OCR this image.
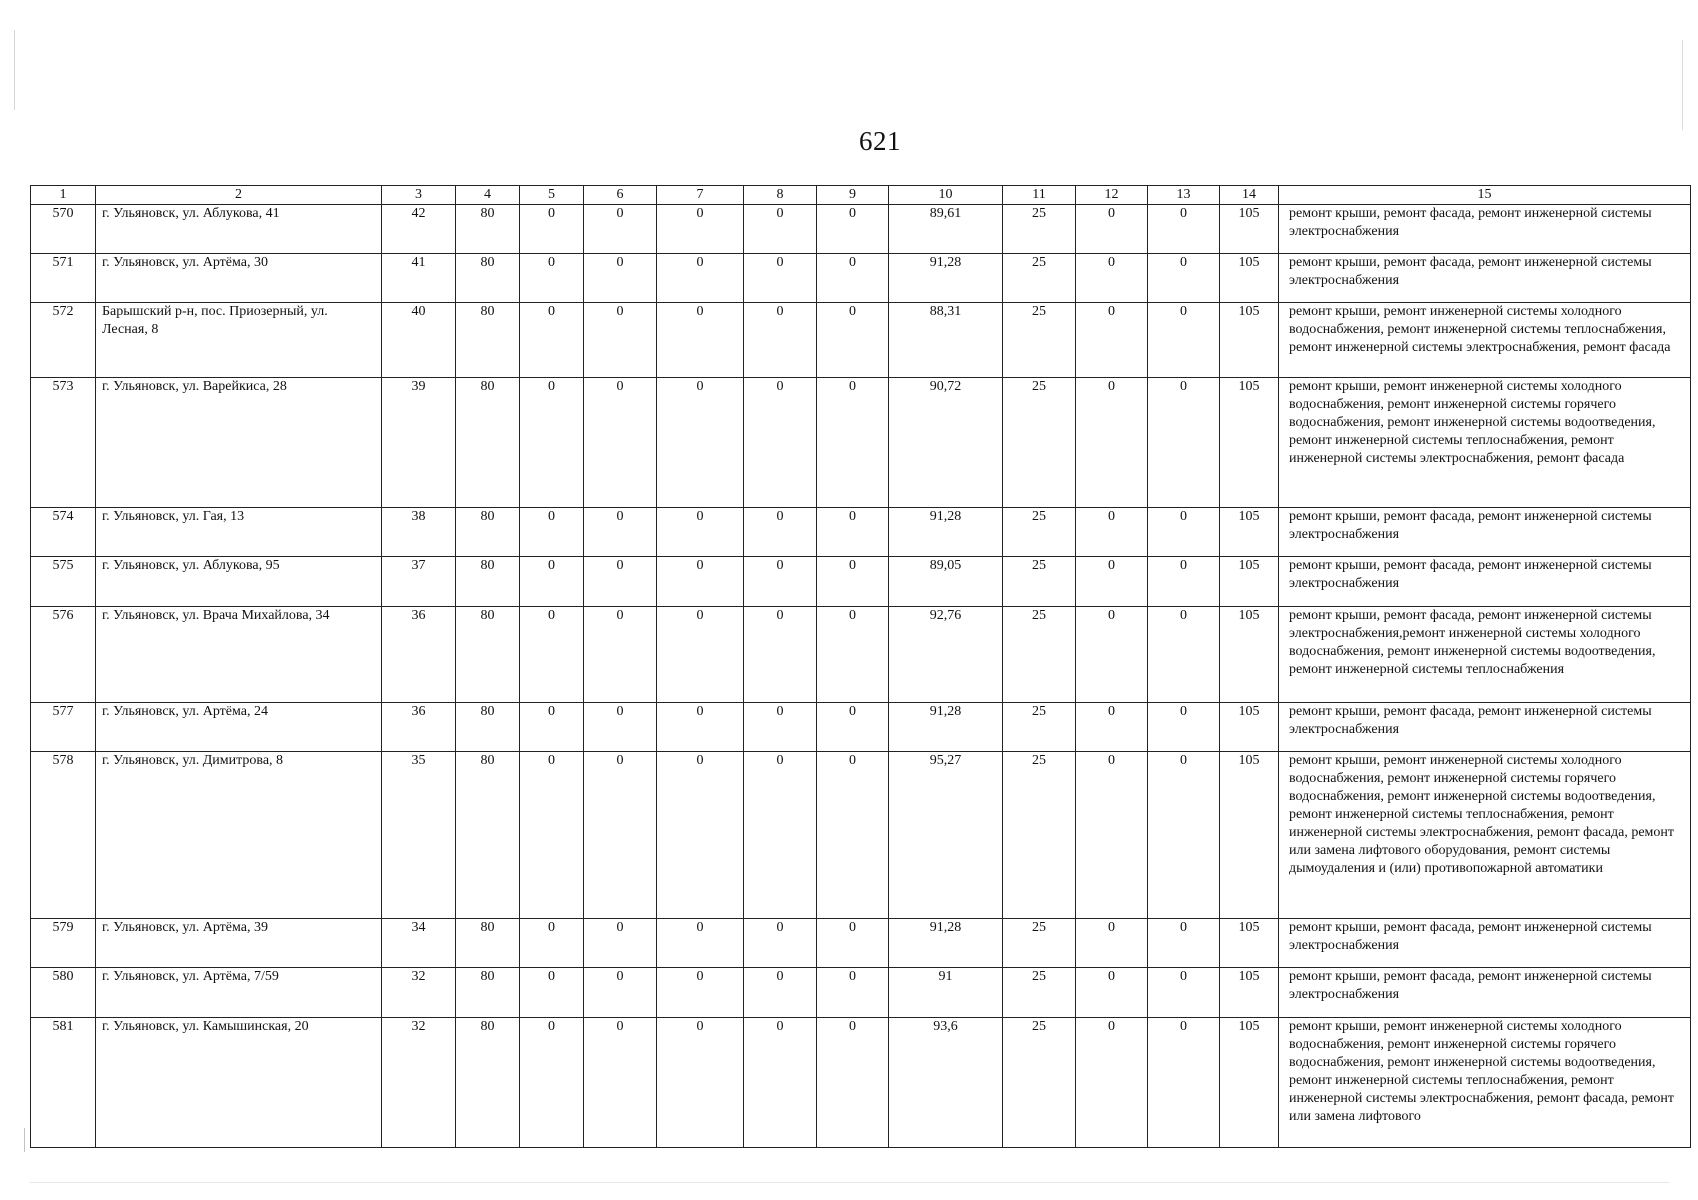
621
1	2	3	4	5	6	7	8	9	10	11	12	13	14	15
570	г. Ульяновск, ул. Аблукова, 41	42	80	0	0	0	0	0	89,61	25	0	0	105	ремонт крыши, ремонт фасада, ремонт инженерной системы электроснабжения
571	г. Ульяновск, ул. Артёма, 30	41	80	0	0	0	0	0	91,28	25	0	0	105	ремонт крыши, ремонт фасада, ремонт инженерной системы электроснабжения
572	Барышский р-н, пос. Приозерный, ул. Лесная, 8	40	80	0	0	0	0	0	88,31	25	0	0	105	ремонт крыши, ремонт инженерной системы холодного водоснабжения, ремонт инженерной системы теплоснабжения, ремонт инженерной системы электроснабжения, ремонт фасада
573	г. Ульяновск, ул. Варейкиса, 28	39	80	0	0	0	0	0	90,72	25	0	0	105	ремонт крыши, ремонт инженерной системы холодного водоснабжения, ремонт инженерной системы горячего водоснабжения, ремонт инженерной системы водоотведения, ремонт инженерной системы теплоснабжения, ремонт инженерной системы электроснабжения, ремонт фасада
574	г. Ульяновск, ул. Гая, 13	38	80	0	0	0	0	0	91,28	25	0	0	105	ремонт крыши, ремонт фасада, ремонт инженерной системы электроснабжения
575	г. Ульяновск, ул. Аблукова, 95	37	80	0	0	0	0	0	89,05	25	0	0	105	ремонт крыши, ремонт фасада, ремонт инженерной системы электроснабжения
576	г. Ульяновск, ул. Врача Михайлова, 34	36	80	0	0	0	0	0	92,76	25	0	0	105	ремонт крыши, ремонт фасада, ремонт инженерной системы электроснабжения,ремонт инженерной системы холодного водоснабжения, ремонт инженерной системы водоотведения, ремонт инженерной системы теплоснабжения
577	г. Ульяновск, ул. Артёма, 24	36	80	0	0	0	0	0	91,28	25	0	0	105	ремонт крыши, ремонт фасада, ремонт инженерной системы электроснабжения
578	г. Ульяновск, ул. Димитрова, 8	35	80	0	0	0	0	0	95,27	25	0	0	105	ремонт крыши, ремонт инженерной системы холодного водоснабжения, ремонт инженерной системы горячего водоснабжения, ремонт инженерной системы водоотведения, ремонт инженерной системы теплоснабжения, ремонт инженерной системы электроснабжения, ремонт фасада, ремонт или замена лифтового оборудования, ремонт системы дымоудаления и (или) противопожарной автоматики
579	г. Ульяновск, ул. Артёма, 39	34	80	0	0	0	0	0	91,28	25	0	0	105	ремонт крыши, ремонт фасада, ремонт инженерной системы электроснабжения
580	г. Ульяновск, ул. Артёма, 7/59	32	80	0	0	0	0	0	91	25	0	0	105	ремонт крыши, ремонт фасада, ремонт инженерной системы электроснабжения
581	г. Ульяновск, ул. Камышинская, 20	32	80	0	0	0	0	0	93,6	25	0	0	105	ремонт крыши, ремонт инженерной системы холодного водоснабжения, ремонт инженерной системы горячего водоснабжения, ремонт инженерной системы водоотведения, ремонт инженерной системы теплоснабжения, ремонт инженерной системы электроснабжения, ремонт фасада, ремонт или замена лифтового
